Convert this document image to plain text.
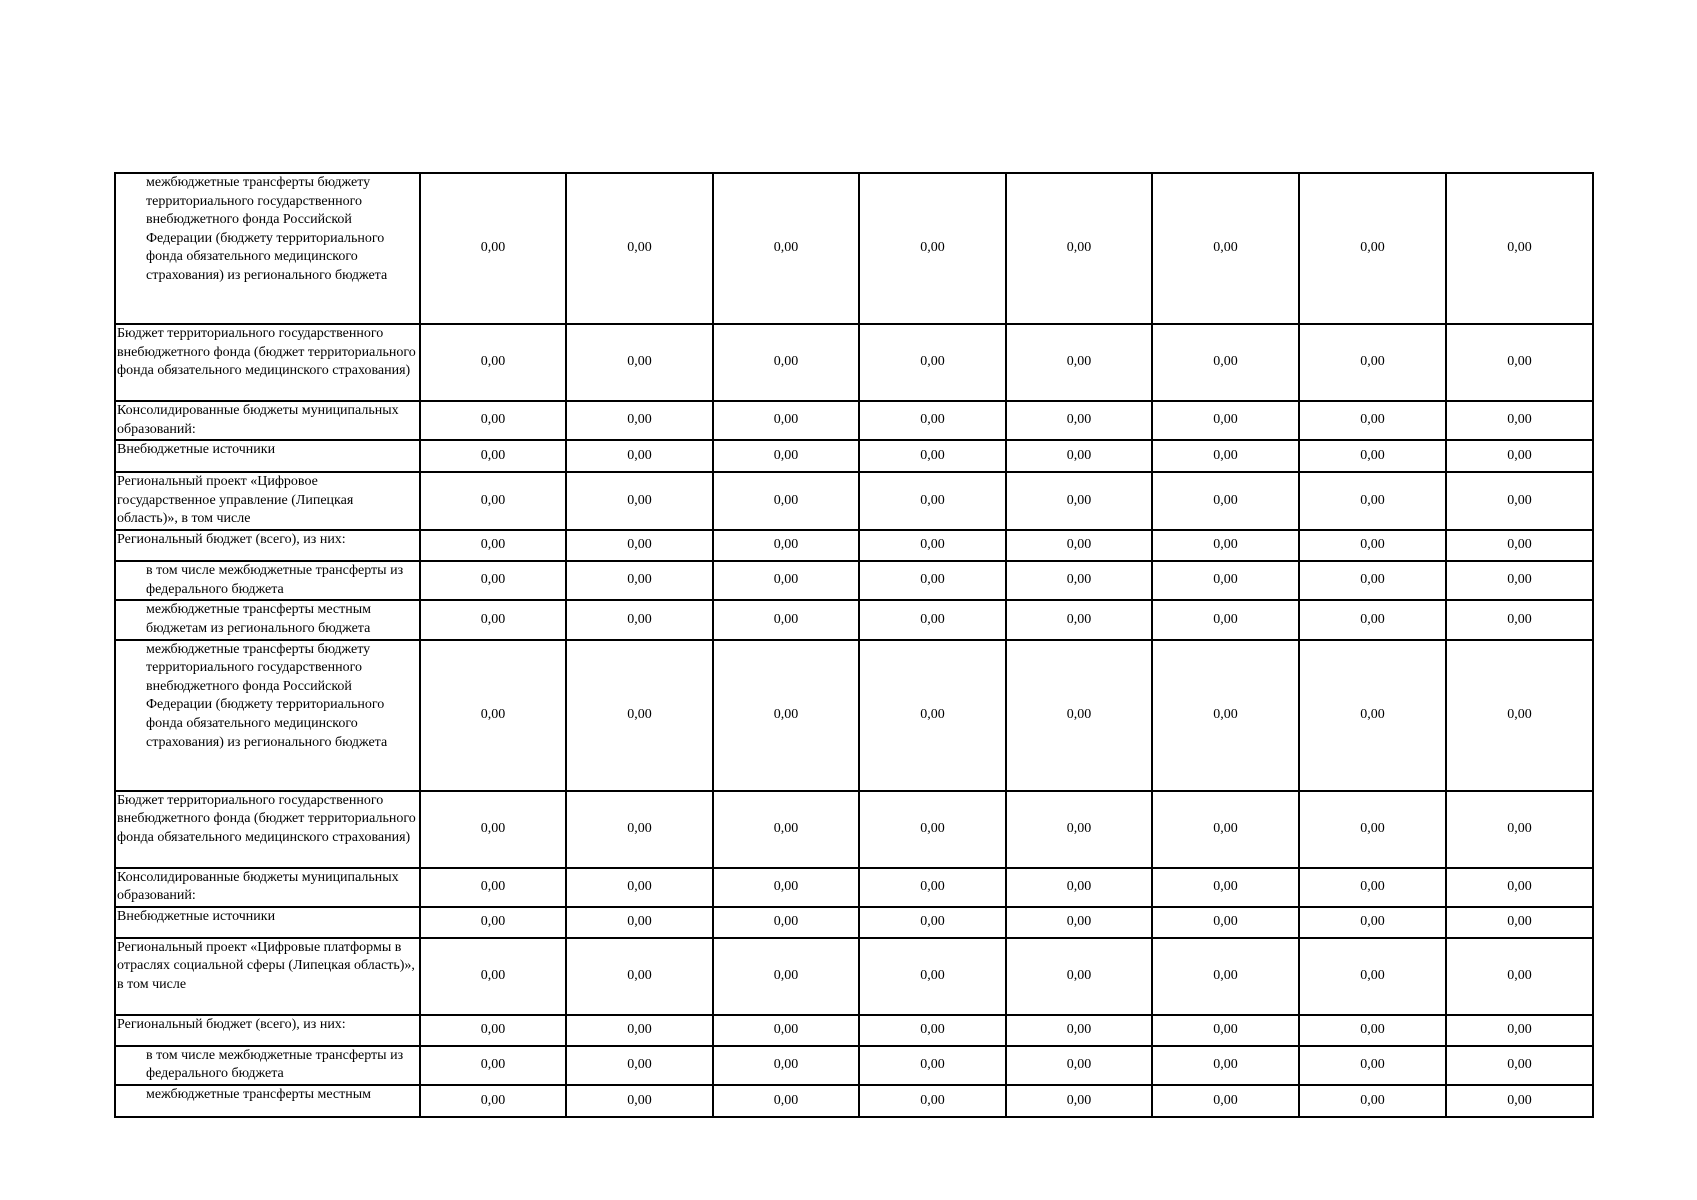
межбюджетные трансферты бюджету территориального государственного внебюджетного фонда Российской Федерации (бюджету территориального фонда обязательного медицинского страхования) из регионального бюджета	0,00	0,00	0,00	0,00	0,00	0,00	0,00	0,00
Бюджет территориального государственного внебюджетного фонда (бюджет территориального фонда обязательного медицинского страхования)	0,00	0,00	0,00	0,00	0,00	0,00	0,00	0,00
Консолидированные бюджеты муниципальных образований:	0,00	0,00	0,00	0,00	0,00	0,00	0,00	0,00
Внебюджетные источники	0,00	0,00	0,00	0,00	0,00	0,00	0,00	0,00
Региональный проект «Цифровое государственное управление (Липецкая область)», в том числе	0,00	0,00	0,00	0,00	0,00	0,00	0,00	0,00
Региональный бюджет (всего), из них:	0,00	0,00	0,00	0,00	0,00	0,00	0,00	0,00
в том числе межбюджетные трансферты из федерального бюджета	0,00	0,00	0,00	0,00	0,00	0,00	0,00	0,00
межбюджетные трансферты местным бюджетам из регионального бюджета	0,00	0,00	0,00	0,00	0,00	0,00	0,00	0,00
межбюджетные трансферты бюджету территориального государственного внебюджетного фонда Российской Федерации (бюджету территориального фонда обязательного медицинского страхования) из регионального бюджета	0,00	0,00	0,00	0,00	0,00	0,00	0,00	0,00
Бюджет территориального государственного внебюджетного фонда (бюджет территориального фонда обязательного медицинского страхования)	0,00	0,00	0,00	0,00	0,00	0,00	0,00	0,00
Консолидированные бюджеты муниципальных образований:	0,00	0,00	0,00	0,00	0,00	0,00	0,00	0,00
Внебюджетные источники	0,00	0,00	0,00	0,00	0,00	0,00	0,00	0,00
Региональный проект «Цифровые платформы в отраслях социальной сферы (Липецкая область)», в том числе	0,00	0,00	0,00	0,00	0,00	0,00	0,00	0,00
Региональный бюджет (всего), из них:	0,00	0,00	0,00	0,00	0,00	0,00	0,00	0,00
в том числе межбюджетные трансферты из федерального бюджета	0,00	0,00	0,00	0,00	0,00	0,00	0,00	0,00
межбюджетные трансферты местным	0,00	0,00	0,00	0,00	0,00	0,00	0,00	0,00
